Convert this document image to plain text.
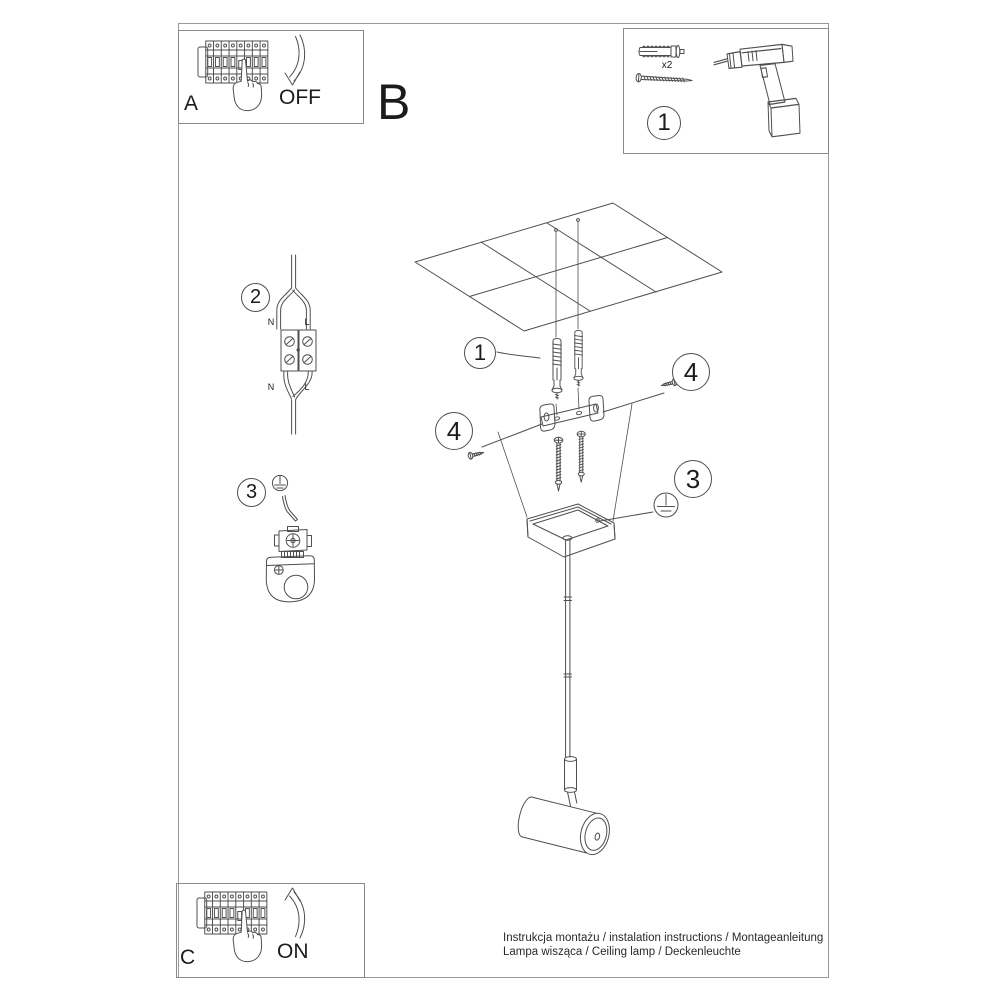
A	OFF B
x2
1
2
N	L
N	L
3
1
4
4
3
C	ON
Instrukcja montażu / instalation instructions / Montageanleitung
Lampa wisząca / Ceiling lamp / Deckenleuchte
